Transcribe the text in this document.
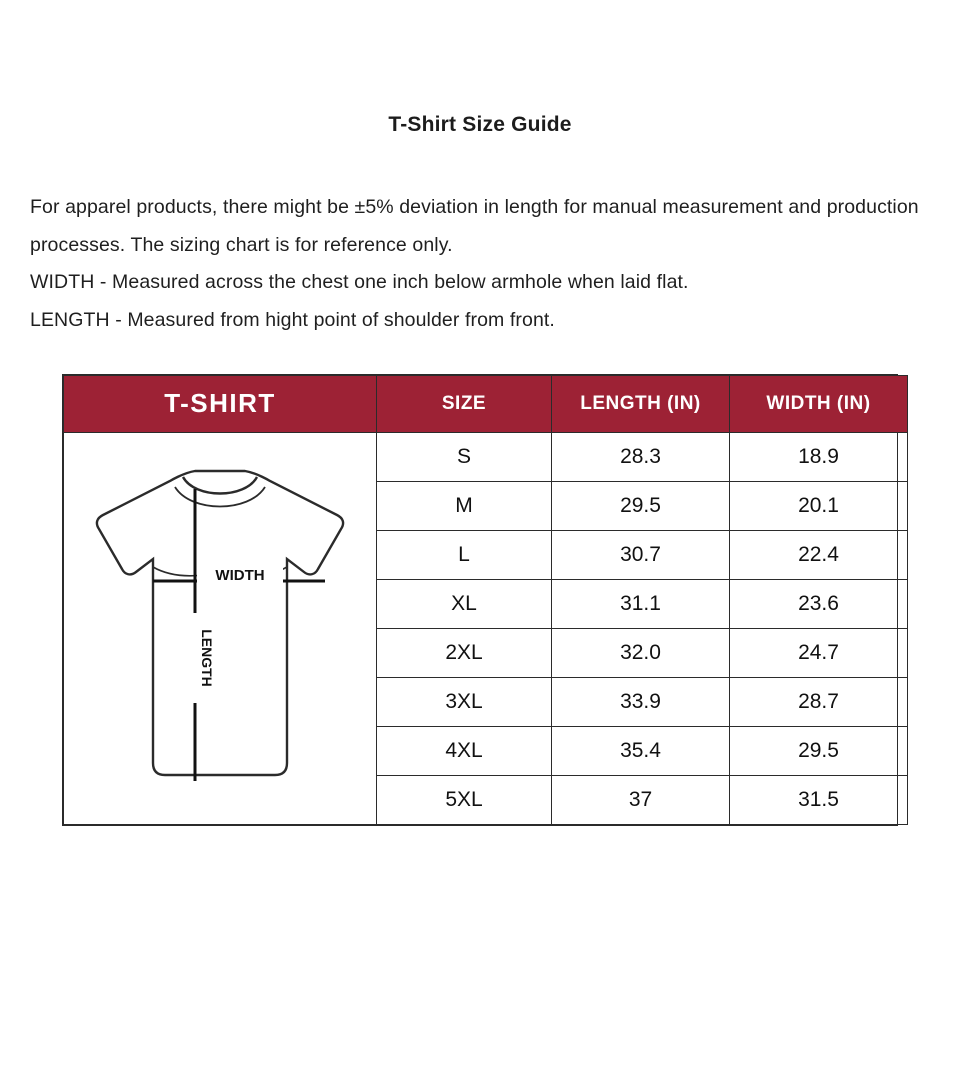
T-Shirt Size Guide

For apparel products, there might be ±5% deviation in length for manual measurement and production processes. The sizing chart is for reference only.

WIDTH - Measured across the chest one inch below armhole when laid flat.

LENGTH - Measured from hight point of shoulder from front.

T-SHIRT	SIZE	LENGTH (IN)	WIDTH (IN)

WIDTH
LENGTH	S	28.3	18.9
	M	29.5	20.1
	L	30.7	22.4
	XL	31.1	23.6
	2XL	32.0	24.7
	3XL	33.9	28.7
	4XL	35.4	29.5
	5XL	37	31.5
